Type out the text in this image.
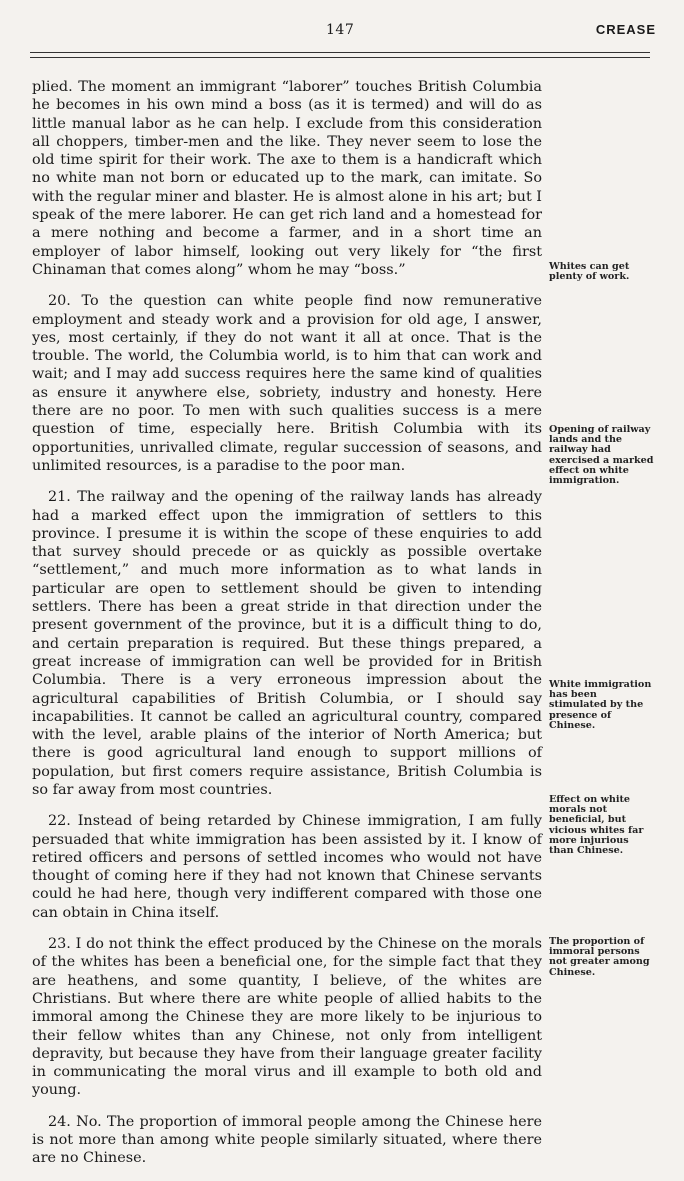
147	CREASE

plied. The moment an immigrant “laborer” touches British Columbia he becomes in his own mind a boss (as it is termed) and will do as little manual labor as he can help. I exclude from this consideration all choppers, timber-men and the like. They never seem to lose the old time spirit for their work. The axe to them is a handicraft which no white man not born or educated up to the mark, can imitate. So with the regular miner and blaster. He is almost alone in his art; but I speak of the mere laborer. He can get rich land and a homestead for a mere nothing and become a farmer, and in a short time an employer of labor himself, looking out very likely for “the first Chinaman that comes along” whom he may “boss.”

20. To the question can white people find now remunerative employment and steady work and a provision for old age, I answer, yes, most certainly, if they do not want it all at once. That is the trouble. The world, the Columbia world, is to him that can work and wait; and I may add success requires here the same kind of qualities as ensure it anywhere else, sobriety, industry and honesty. Here there are no poor. To men with such qualities success is a mere question of time, especially here. British Columbia with its opportunities, unrivalled climate, regular succession of seasons, and unlimited resources, is a paradise to the poor man.

21. The railway and the opening of the railway lands has already had a marked effect upon the immigration of settlers to this province. I presume it is within the scope of these enquiries to add that survey should precede or as quickly as possible overtake “settlement,” and much more information as to what lands in particular are open to settlement should be given to intending settlers. There has been a great stride in that direction under the present government of the province, but it is a difficult thing to do, and certain preparation is required. But these things prepared, a great increase of immigration can well be provided for in British Columbia. There is a very erroneous impression about the agricultural capabilities of British Columbia, or I should say incapabilities. It cannot be called an agricultural country, compared with the level, arable plains of the interior of North America; but there is good agricultural land enough to support millions of population, but first comers require assistance, British Columbia is so far away from most countries.

22. Instead of being retarded by Chinese immigration, I am fully persuaded that white immigration has been assisted by it. I know of retired officers and persons of settled incomes who would not have thought of coming here if they had not known that Chinese servants could he had here, though very indifferent compared with those one can obtain in China itself.

23. I do not think the effect produced by the Chinese on the morals of the whites has been a beneficial one, for the simple fact that they are heathens, and some quantity, I believe, of the whites are Christians. But where there are white people of allied habits to the immoral among the Chinese they are more likely to be injurious to their fellow whites than any Chinese, not only from intelligent depravity, but because they have from their language greater facility in communicating the moral virus and ill example to both old and young.

24. No. The proportion of immoral people among the Chinese here is not more than among white people similarly situated, where there are no Chinese.

Whites can get plenty of work.
Opening of railway lands and the railway had exercised a marked effect on white immigration.
White immigration has been stimulated by the presence of Chinese.
Effect on white morals not beneficial, but vicious whites far more injurious than Chinese.
The proportion of immoral persons not greater among Chinese.
